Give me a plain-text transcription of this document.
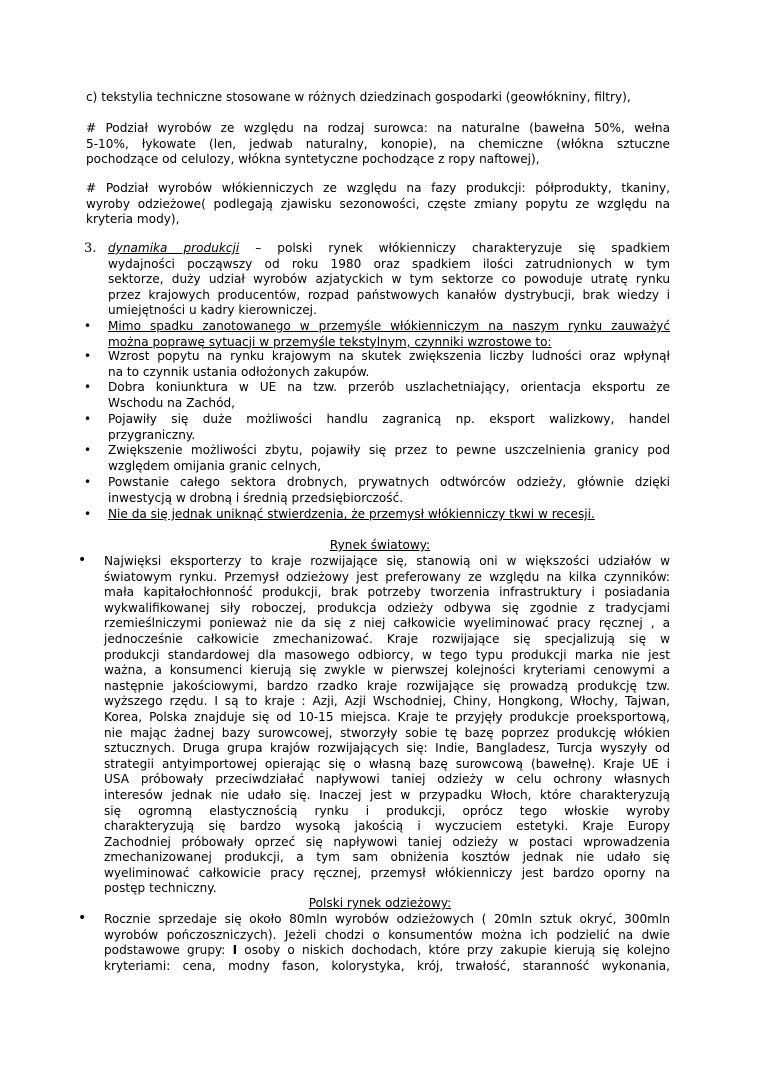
c) tekstylia techniczne stosowane w różnych dziedzinach gospodarki (geowłókniny, filtry),
# Podział wyrobów ze względu na rodzaj surowca: na naturalne (bawełna 50%, wełna
5-10%, łykowate (len, jedwab naturalny, konopie), na chemiczne (włókna sztuczne
pochodzące od celulozy, włókna syntetyczne pochodzące z ropy naftowej),
# Podział wyrobów włókienniczych ze względu na fazy produkcji: półprodukty, tkaniny,
wyroby odzieżowe( podlegają zjawisku sezonowości, częste zmiany popytu ze względu na
kryteria mody),
3. dynamika produkcji – polski rynek włókienniczy charakteryzuje się spadkiem
wydajności począwszy od roku 1980 oraz spadkiem ilości zatrudnionych w tym
sektorze, duży udział wyrobów azjatyckich w tym sektorze co powoduje utratę rynku
przez krajowych producentów, rozpad państwowych kanałów dystrybucji, brak wiedzy i
umiejętności u kadry kierowniczej.
• Mimo spadku zanotowanego w przemyśle włókienniczym na naszym rynku zauważyć
można poprawę sytuacji w przemyśle tekstylnym, czynniki wzrostowe to:
• Wzrost popytu na rynku krajowym na skutek zwiększenia liczby ludności oraz wpłynął
na to czynnik ustania odłożonych zakupów.
• Dobra koniunktura w UE na tzw. przerób uszlachetniający, orientacja eksportu ze
Wschodu na Zachód,
• Pojawiły się duże możliwości handlu zagranicą np. eksport walizkowy, handel
przygraniczny.
• Zwiększenie możliwości zbytu, pojawiły się przez to pewne uszczelnienia granicy pod
względem omijania granic celnych,
• Powstanie całego sektora drobnych, prywatnych odtwórców odzieży, głównie dzięki
inwestycją w drobną i średnią przedsiębiorczość.
• Nie da się jednak uniknąć stwierdzenia, że przemysł włókienniczy tkwi w recesji.
Rynek światowy:
• Najwięksi eksporterzy to kraje rozwijające się, stanowią oni w większości udziałów w
światowym rynku. Przemysł odzieżowy jest preferowany ze względu na kilka czynników:
mała kapitałochłonność produkcji, brak potrzeby tworzenia infrastruktury i posiadania
wykwalifikowanej siły roboczej, produkcja odzieży odbywa się zgodnie z tradycjami
rzemieślniczymi ponieważ nie da się z niej całkowicie wyeliminować pracy ręcznej , a
jednocześnie całkowicie zmechanizować. Kraje rozwijające się specjalizują się w
produkcji standardowej dla masowego odbiorcy, w tego typu produkcji marka nie jest
ważna, a konsumenci kierują się zwykle w pierwszej kolejności kryteriami cenowymi a
następnie jakościowymi, bardzo rzadko kraje rozwijające się prowadzą produkcję tzw.
wyższego rzędu. I są to kraje : Azji, Azji Wschodniej, Chiny, Hongkong, Włochy, Tajwan,
Korea, Polska znajduje się od 10-15 miejsca. Kraje te przyjęły produkcje proeksportową,
nie mając żadnej bazy surowcowej, stworzyły sobie tę bazę poprzez produkcję włókien
sztucznych. Druga grupa krajów rozwijających się: Indie, Bangladesz, Turcja wyszyły od
strategii antyimportowej opierając się o własną bazę surowcową (bawełnę). Kraje UE i
USA próbowały przeciwdziałać napływowi taniej odzieży w celu ochrony własnych
interesów jednak nie udało się. Inaczej jest w przypadku Włoch, które charakteryzują
się ogromną elastycznością rynku i produkcji, oprócz tego włoskie wyroby
charakteryzują się bardzo wysoką jakością i wyczuciem estetyki. Kraje Europy
Zachodniej próbowały oprzeć się napływowi taniej odzieży w postaci wprowadzenia
zmechanizowanej produkcji, a tym sam obniżenia kosztów jednak nie udało się
wyeliminować całkowicie pracy ręcznej, przemysł włókienniczy jest bardzo oporny na
postęp techniczny.
Polski rynek odzieżowy:
• Rocznie sprzedaje się około 80mln wyrobów odzieżowych ( 20mln sztuk okryć, 300mln
wyrobów pończoszniczych). Jeżeli chodzi o konsumentów można ich podzielić na dwie
podstawowe grupy: I osoby o niskich dochodach, które przy zakupie kierują się kolejno
kryteriami: cena, modny fason, kolorystyka, krój, trwałość, staranność wykonania,
